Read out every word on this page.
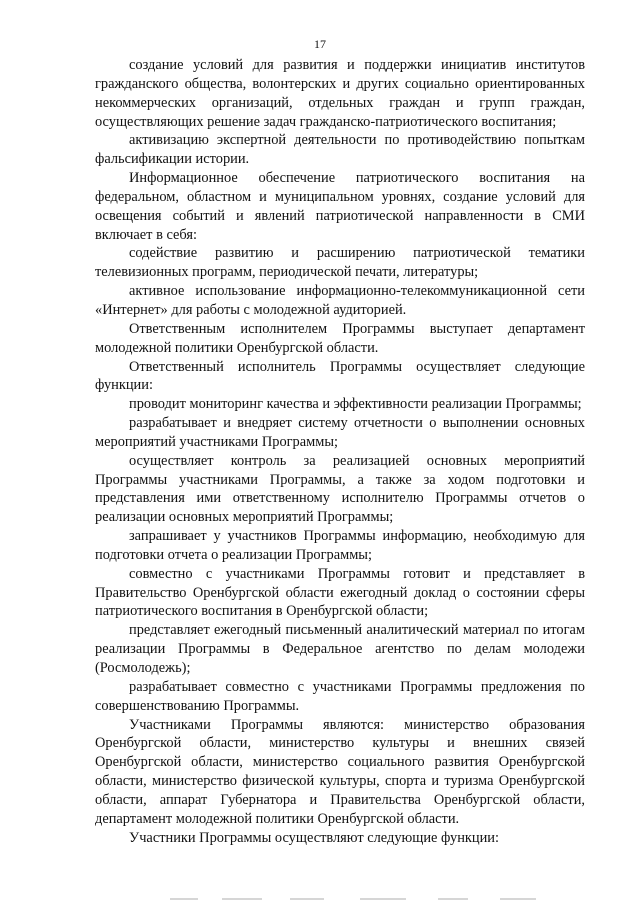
17

создание условий для развития и поддержки инициатив институтов гражданского общества, волонтерских и других социально ориентированных некоммерческих организаций, отдельных граждан и групп граждан, осуществляющих решение задач гражданско-патриотического воспитания;

активизацию экспертной деятельности по противодействию попыткам фальсификации истории.

Информационное обеспечение патриотического воспитания на федеральном, областном и муниципальном уровнях, создание условий для освещения событий и явлений патриотической направленности в СМИ включает в себя:

содействие развитию и расширению патриотической тематики телевизионных программ, периодической печати, литературы;

активное использование информационно-телекоммуникационной сети «Интернет» для работы с молодежной аудиторией.

Ответственным исполнителем Программы выступает департамент молодежной политики Оренбургской области.

Ответственный исполнитель Программы осуществляет следующие функции:

проводит мониторинг качества и эффективности реализации Программы;

разрабатывает и внедряет систему отчетности о выполнении основных мероприятий участниками Программы;

осуществляет контроль за реализацией основных мероприятий Программы участниками Программы, а также за ходом подготовки и представления ими ответственному исполнителю Программы отчетов о реализации основных мероприятий Программы;

запрашивает у участников Программы информацию, необходимую для подготовки отчета о реализации Программы;

совместно с участниками Программы готовит и представляет в Правительство Оренбургской области ежегодный доклад о состоянии сферы патриотического воспитания в Оренбургской области;

представляет ежегодный письменный аналитический материал по итогам реализации Программы в Федеральное агентство по делам молодежи (Росмолодежь);

разрабатывает совместно с участниками Программы предложения по совершенствованию Программы.

Участниками Программы являются: министерство образования Оренбургской области, министерство культуры и внешних связей Оренбургской области, министерство социального развития Оренбургской области, министерство физической культуры, спорта и туризма Оренбургской области, аппарат Губернатора и Правительства Оренбургской области, департамент молодежной политики Оренбургской области.

Участники Программы осуществляют следующие функции:
